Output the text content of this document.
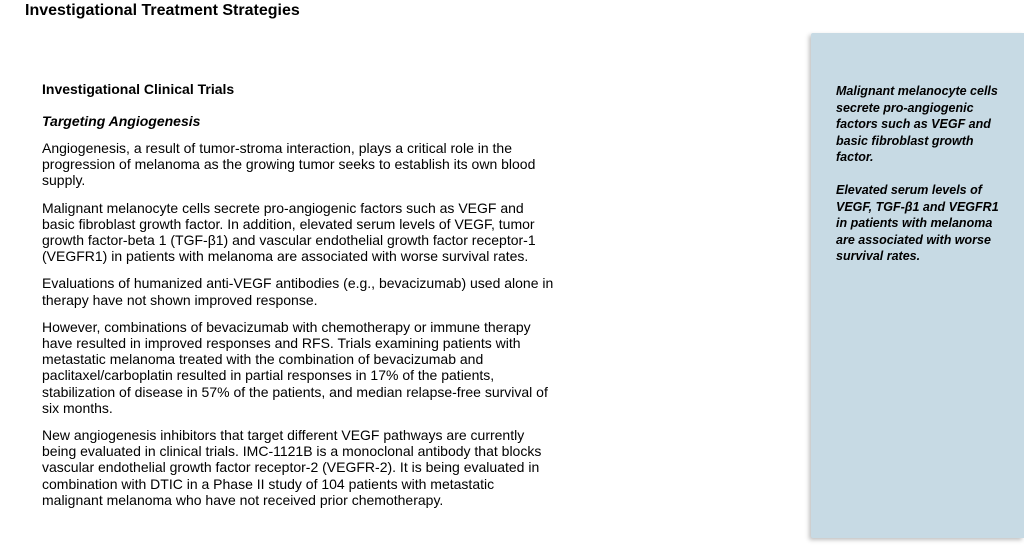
Investigational Treatment Strategies
Investigational Clinical Trials
Targeting Angiogenesis

Angiogenesis, a result of tumor-stroma interaction, plays a critical role in the progression of melanoma as the growing tumor seeks to establish its own blood supply.

Malignant melanocyte cells secrete pro-angiogenic factors such as VEGF and basic fibroblast growth factor. In addition, elevated serum levels of VEGF, tumor growth factor-beta 1 (TGF-β1) and vascular endothelial growth factor receptor-1 (VEGFR1) in patients with melanoma are associated with worse survival rates.

Evaluations of humanized anti-VEGF antibodies (e.g., bevacizumab) used alone in therapy have not shown improved response.

However, combinations of bevacizumab with chemotherapy or immune therapy have resulted in improved responses and RFS. Trials examining patients with metastatic melanoma treated with the combination of bevacizumab and paclitaxel/carboplatin resulted in partial responses in 17% of the patients, stabilization of disease in 57% of the patients, and median relapse-free survival of six months.

New angiogenesis inhibitors that target different VEGF pathways are currently being evaluated in clinical trials. IMC-1121B is a monoclonal antibody that blocks vascular endothelial growth factor receptor-2 (VEGFR-2). It is being evaluated in combination with DTIC in a Phase II study of 104 patients with metastatic malignant melanoma who have not received prior chemotherapy.

Malignant melanocyte cells secrete pro-angiogenic factors such as VEGF and basic fibroblast growth factor.

Elevated serum levels of VEGF, TGF-β1 and VEGFR1 in patients with melanoma are associated with worse survival rates.
